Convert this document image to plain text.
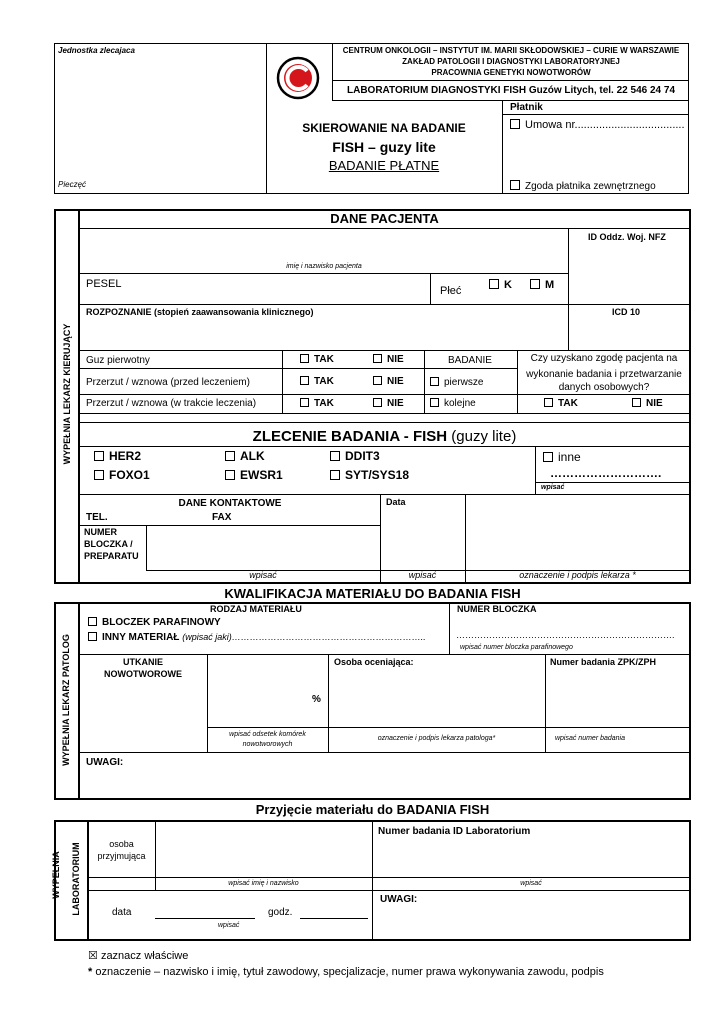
Jednostka zlecajaca
Pieczęć
CENTRUM ONKOLOGII – INSTYTUT IM. MARII SKŁODOWSKIEJ – CURIE W WARSZAWIE
ZAKŁAD PATOLOGII I DIAGNOSTYKI LABORATORYJNEJ
PRACOWNIA GENETYKI NOWOTWORÓW
LABORATORIUM DIAGNOSTYKI FISH Guzów Litych, tel. 22 546 24 74
SKIEROWANIE NA BADANIE
FISH – guzy lite
BADANIE PŁATNE
Płatnik
Umowa nr....................................
Zgoda płatnika zewnętrznego
WYPEŁNIA LEKARZ KIERUJĄCY
DANE PACJENTA
ID Oddz. Woj. NFZ
imię i nazwisko pacjenta
PESEL
Płeć	K	M
ROZPOZNANIE (stopień zaawansowania klinicznego)	ICD 10
Guz pierwotny	TAK	NIE	BADANIE
Przerzut / wznowa (przed leczeniem)	TAK	NIE	pierwsze
Przerzut / wznowa (w trakcie leczenia)	TAK	NIE	kolejne
Czy uzyskano zgodę pacjenta na
wykonanie badania i przetwarzanie
danych osobowych?
TAK	NIE
ZLECENIE BADANIA - FISH (guzy lite)
HER2	ALK	DDIT3
FOXO1	EWSR1	SYT/SYS18
inne
……………………….
wpisać
DANE KONTAKTOWE
TEL.	FAX
Data
NUMER
BLOCZKA /
PREPARATU
wpisać	wpisać	oznaczenie i podpis lekarza *
KWALIFIKACJA MATERIAŁU DO BADANIA FISH
WYPEŁNIA LEKARZ PATOLOG
RODZAJ MATERIAŁU	NUMER BLOCZKA
BLOCZEK PARAFINOWY
INNY MATERIAŁ (wpisać jaki)………………………………………………………..	……………………………………………………………….
wpisać numer bloczka parafinowego
UTKANIE
NOWOTWOROWE
%
Osoba oceniająca:	Numer badania ZPK/ZPH
wpisać odsetek komórek
nowotworowych
oznaczenie i podpis lekarza patologa*	wpisać numer badania
UWAGI:
Przyjęcie materiału do BADANIA FISH
WYPEŁNIA LABORATORIUM	osoba
przyjmująca
Numer badania ID Laboratorium
wpisać imię i nazwisko	wpisać
data	godz.
wpisać
UWAGI:
☒ zaznacz właściwe
* oznaczenie – nazwisko i imię, tytuł zawodowy, specjalizacje, numer prawa wykonywania zawodu, podpis
